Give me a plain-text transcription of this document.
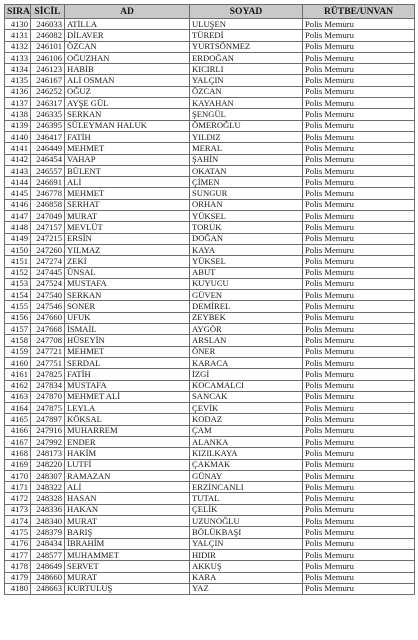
SIRA	SİCİL	AD	SOYAD	RÜTBE/UNVAN
4130	246033	ATİLLA	ULUŞEN	Polis Memuru
4131	246082	DİLAVER	TÜREDİ	Polis Memuru
4132	246101	ÖZCAN	YURTSÖNMEZ	Polis Memuru
4133	246106	OĞUZHAN	ERDOĞAN	Polis Memuru
4134	246123	HABİB	KICIRLI	Polis Memuru
4135	246167	ALİ OSMAN	YALÇIN	Polis Memuru
4136	246252	OĞUZ	ÖZCAN	Polis Memuru
4137	246317	AYŞE GÜL	KAYAHAN	Polis Memuru
4138	246335	SERKAN	ŞENGÜL	Polis Memuru
4139	246395	SÜLEYMAN HALUK	ÖMEROĞLU	Polis Memuru
4140	246417	FATİH	YILDIZ	Polis Memuru
4141	246449	MEHMET	MERAL	Polis Memuru
4142	246454	VAHAP	ŞAHİN	Polis Memuru
4143	246557	BÜLENT	OKATAN	Polis Memuru
4144	246691	ALİ	ÇİMEN	Polis Memuru
4145	246778	MEHMET	SUNGUR	Polis Memuru
4146	246858	SERHAT	ORHAN	Polis Memuru
4147	247049	MURAT	YÜKSEL	Polis Memuru
4148	247157	MEVLÜT	TORUK	Polis Memuru
4149	247215	ERSİN	DOĞAN	Polis Memuru
4150	247260	YILMAZ	KAYA	Polis Memuru
4151	247274	ZEKİ	YÜKSEL	Polis Memuru
4152	247445	ÜNSAL	ABUT	Polis Memuru
4153	247524	MUSTAFA	KUYUCU	Polis Memuru
4154	247540	SERKAN	GÜVEN	Polis Memuru
4155	247546	SONER	DEMİREL	Polis Memuru
4156	247660	UFUK	ZEYBEK	Polis Memuru
4157	247668	İSMAİL	AYGÖR	Polis Memuru
4158	247708	HÜSEYİN	ARSLAN	Polis Memuru
4159	247721	MEHMET	ÖNER	Polis Memuru
4160	247751	SERDAL	KARACA	Polis Memuru
4161	247825	FATİH	İZGİ	Polis Memuru
4162	247834	MUSTAFA	KOCAMALCI	Polis Memuru
4163	247870	MEHMET ALİ	SANCAK	Polis Memuru
4164	247875	LEYLA	ÇEVİK	Polis Memuru
4165	247897	KÖKSAL	KODAZ	Polis Memuru
4166	247916	MUHARREM	ÇAM	Polis Memuru
4167	247992	ENDER	ALANKA	Polis Memuru
4168	248173	HAKİM	KIZILKAYA	Polis Memuru
4169	248220	LUTFİ	ÇAKMAK	Polis Memuru
4170	248307	RAMAZAN	GÜNAY	Polis Memuru
4171	248322	ALİ	ERZİNCANLI	Polis Memuru
4172	248328	HASAN	TUTAL	Polis Memuru
4173	248336	HAKAN	ÇELİK	Polis Memuru
4174	248340	MURAT	UZUNOĞLU	Polis Memuru
4175	248379	BARIŞ	BÖLÜKBAŞI	Polis Memuru
4176	248434	İBRAHİM	YALÇIN	Polis Memuru
4177	248577	MUHAMMET	HIDIR	Polis Memuru
4178	248649	SERVET	AKKUŞ	Polis Memuru
4179	248660	MURAT	KARA	Polis Memuru
4180	248663	KURTULUŞ	YAZ	Polis Memuru
